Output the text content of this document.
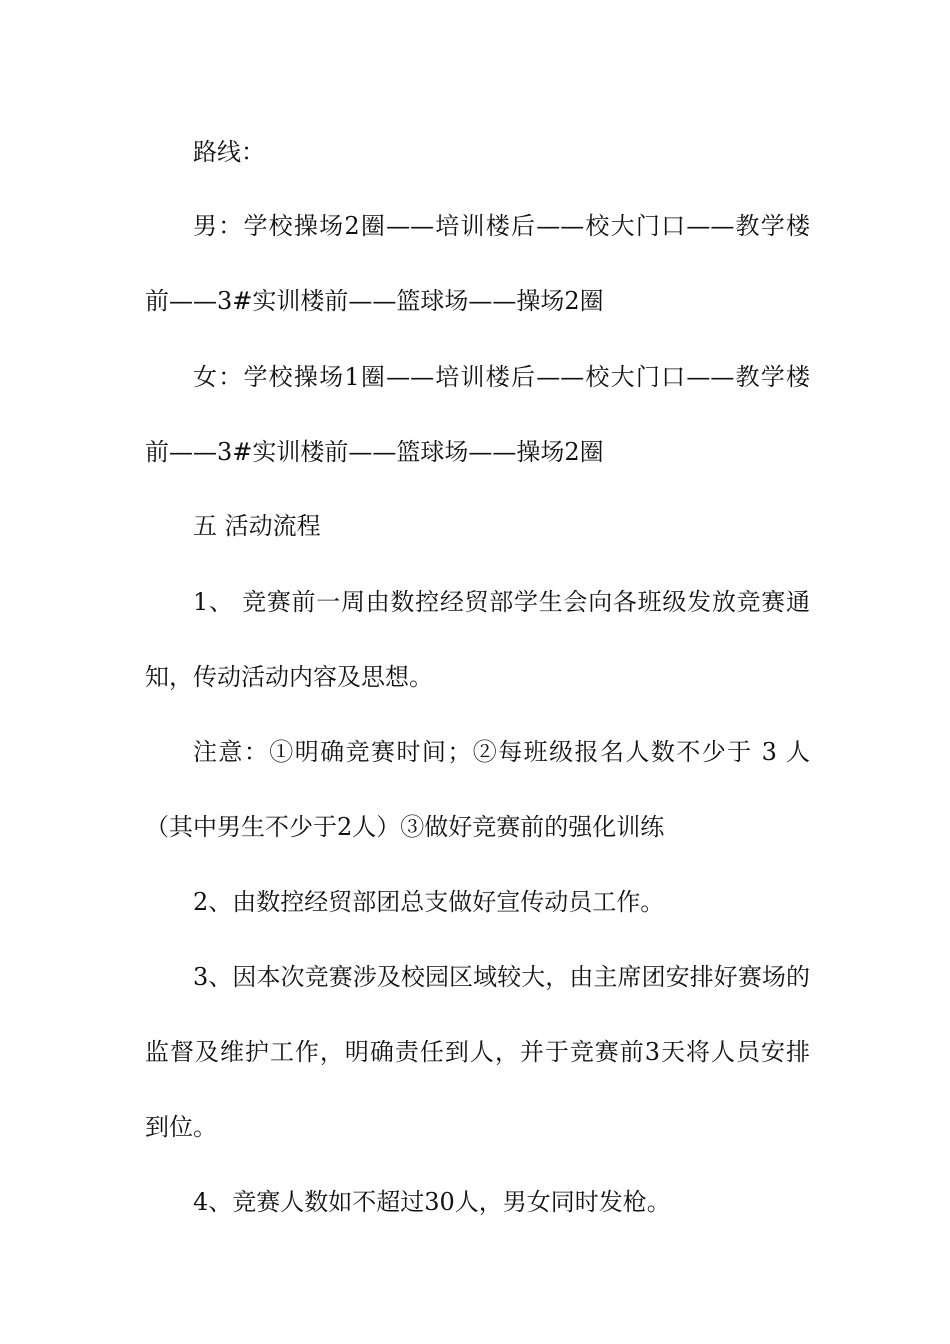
路线：
男：学校操场2圈——培训楼后——校大门口——教学楼
前——3#实训楼前——篮球场——操场2圈
女：学校操场1圈——培训楼后——校大门口——教学楼
前——3#实训楼前——篮球场——操场2圈
五 活动流程
1、 竞赛前一周由数控经贸部学生会向各班级发放竞赛通
知，传动活动内容及思想。
注意：①明确竞赛时间；②每班级报名人数不少于 3 人
（其中男生不少于2人）③做好竞赛前的强化训练
2、由数控经贸部团总支做好宣传动员工作。
3、因本次竞赛涉及校园区域较大，由主席团安排好赛场的
监督及维护工作，明确责任到人，并于竞赛前3天将人员安排
到位。
4、竞赛人数如不超过30人，男女同时发枪。
